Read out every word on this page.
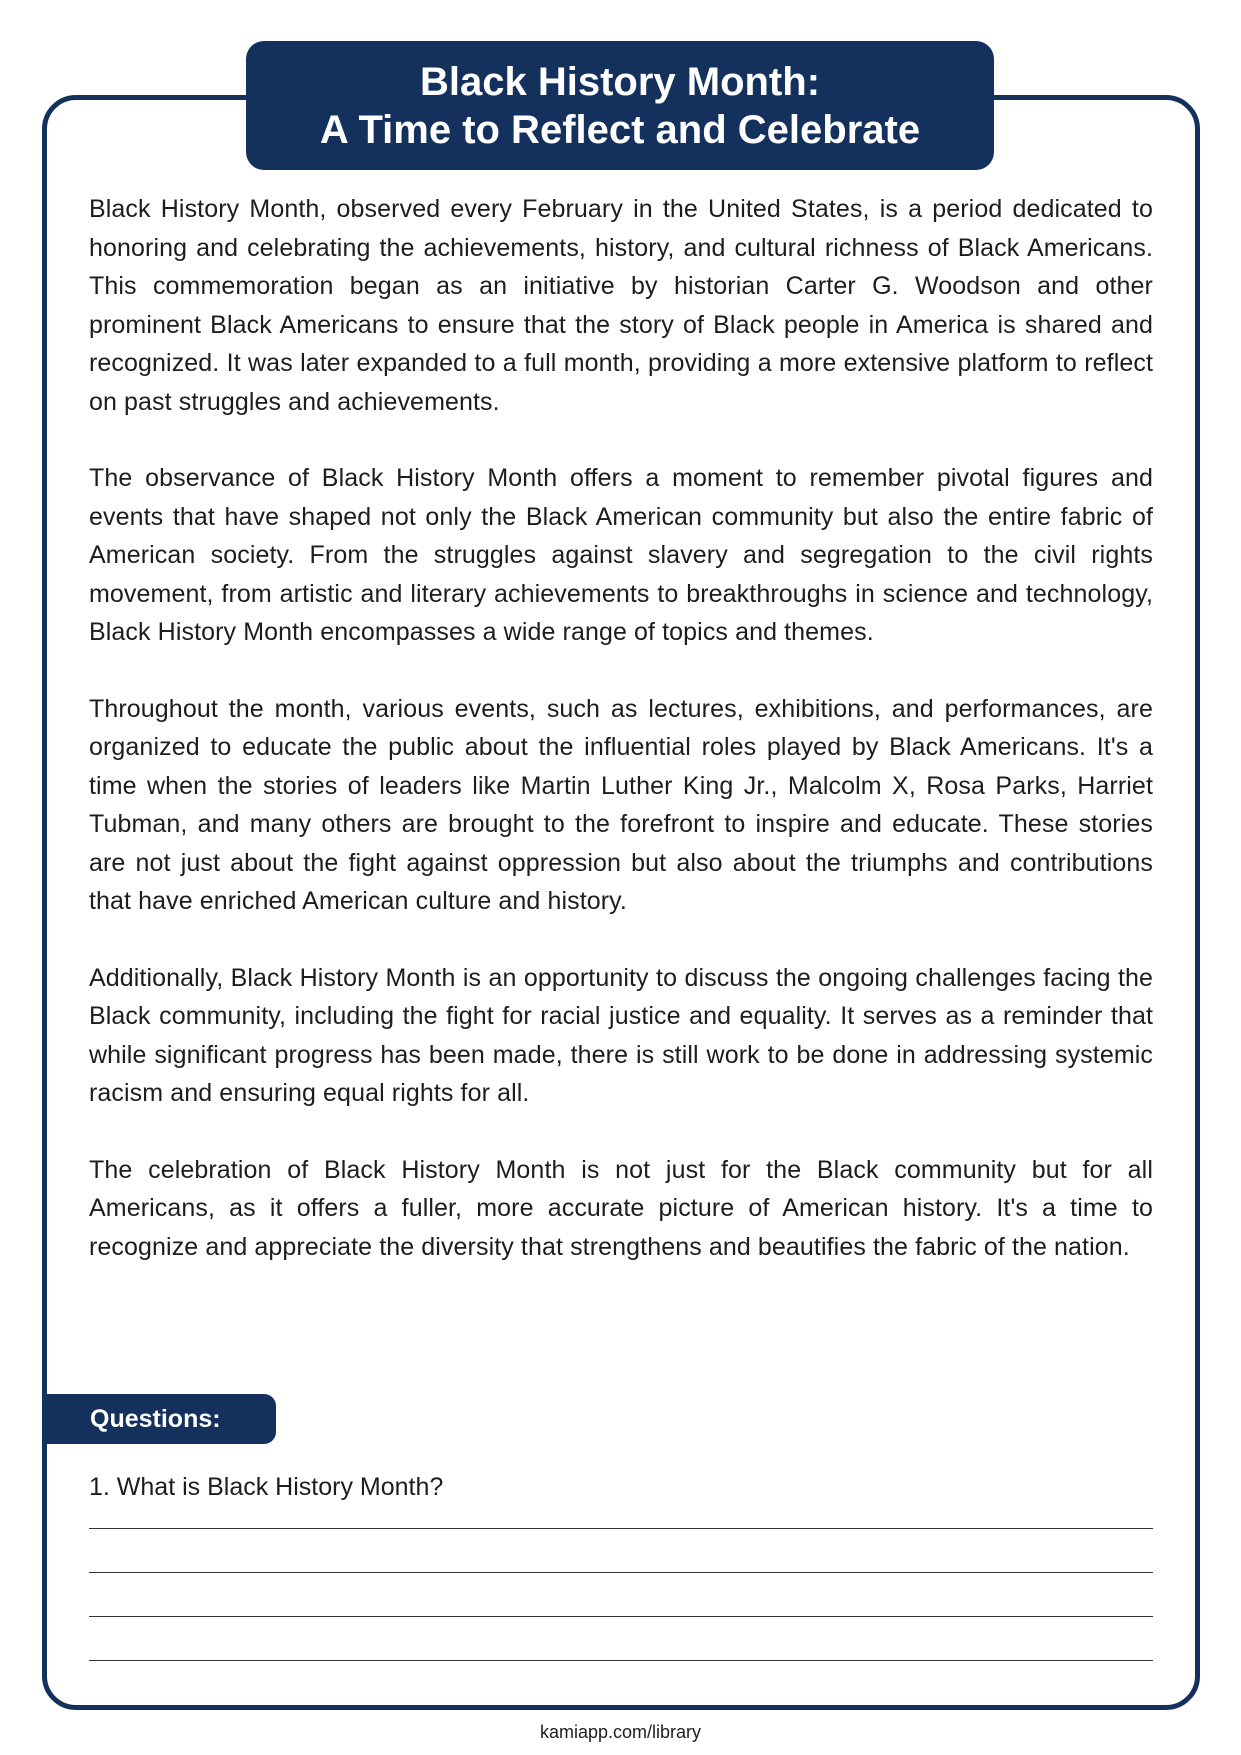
Black History Month:
A Time to Reflect and Celebrate

Black History Month, observed every February in the United States, is a period dedicated to honoring and celebrating the achievements, history, and cultural richness of Black Americans. This commemoration began as an initiative by historian Carter G. Woodson and other prominent Black Americans to ensure that the story of Black people in America is shared and recognized. It was later expanded to a full month, providing a more extensive platform to reflect on past struggles and achievements.

The observance of Black History Month offers a moment to remember pivotal figures and events that have shaped not only the Black American community but also the entire fabric of American society. From the struggles against slavery and segregation to the civil rights movement, from artistic and literary achievements to breakthroughs in science and technology, Black History Month encompasses a wide range of topics and themes.

Throughout the month, various events, such as lectures, exhibitions, and performances, are organized to educate the public about the influential roles played by Black Americans. It's a time when the stories of leaders like Martin Luther King Jr., Malcolm X, Rosa Parks, Harriet Tubman, and many others are brought to the forefront to inspire and educate. These stories are not just about the fight against oppression but also about the triumphs and contributions that have enriched American culture and history.

Additionally, Black History Month is an opportunity to discuss the ongoing challenges facing the Black community, including the fight for racial justice and equality. It serves as a reminder that while significant progress has been made, there is still work to be done in addressing systemic racism and ensuring equal rights for all.

The celebration of Black History Month is not just for the Black community but for all Americans, as it offers a fuller, more accurate picture of American history. It's a time to recognize and appreciate the diversity that strengthens and beautifies the fabric of the nation.

Questions:
1. What is Black History Month?
kamiapp.com/library
